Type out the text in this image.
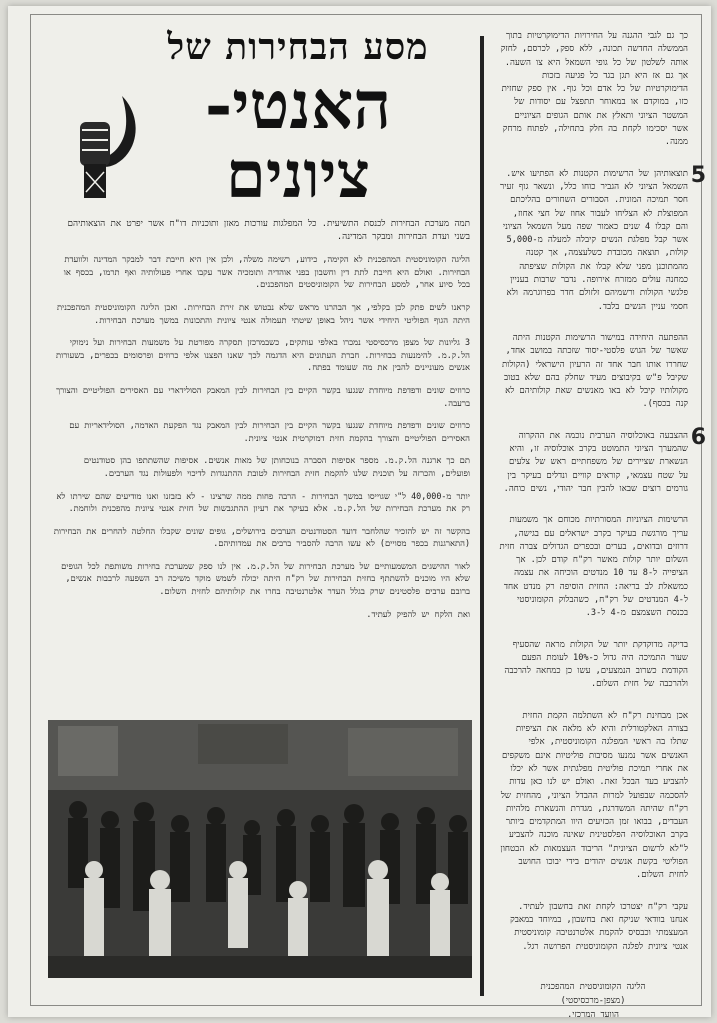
כך גם לגבי ההגנה על החירויות הדימוקרטיות בתוך הממשלה החדשה תכונה, ללא ספק, לכרסם, לחזק אותה לשלטון של כל גופי השמאל היא צו השעה. אך גם אז היא תגן בגד כל פגיעה בזכות הדימוקרטיות של כל אדם וכל גוף. אין ספק שחזית כזו, במוקדם או במאוחר תתפצל עם יסודות של המשטר הציוני ותאלץ את אותם הגופים הציוניים אשר יסכימו לקחת בה חלק בתחילה, לפתוח מרחק ממנה.
5
תוצאותיהן של הרשימות הקטנות לא הפתיעו איש. השמאל הציוני לא הגביר כוחו כלל, ונשאר גוף זעיר חסר תמיכה המונית. הסבורים השחורים בהליכתם המפוצלת לא הצליחו לעבור אחוז של חצי אחוז, והם קבלו 4 שנים כאמור שפה מעל השמאל הציוני אשר קבל מפלגת הנשים קיבלה למעלה מ-5,000 קולות, תוצאה מכובדת כשלעצמה, אך קטנה מהמתוכנן מפני שלא קבלו את הקולות שציפתה כמחנה עולים ממזרח אירופה. נדבר שרבות בעניין פלגשי הקולות ורשמיהם זלזולם חדר בפרוגרמה ולא חסמי עניין הנשים בלבד.
ההפתעה היחידה במישור הרשימות הקטנות היתה שאשר של הגוש פלסטי-יסוד שזכתה במושב אחד, שחררו אותו חבר אחד זה הרעיון הישראלי (הקולות שקיבל פ"ש בקיבוצים מעיד שחלק בהם שלא בטוב מקולותיו קיבל לא באו מאנשים שאת קולותיהם לא קנה בכסף).
6
ההצבעה באוכלוסיה הערבית נוכמה את ההקרוה שהמערך הציוני התמוטט בקרב אוכלוסיה זו, והיא הנשארת שציירים של משפחתיים ראש של צלעים על שטח עצמאי, קוראים קוויים ונדלים בעיקר בין גורמים רוצים שבאו להבין חבר יהודי, נשים כוחה.
הרשימות הציוניות המסורתיות מכוחם אך משמעות עריך מורגשת בעיקר בקרב ישראלים עם בגישה, דרוזים ובדואים, בערים ובכפרים הגדולים צברה חזית השלום יותר קולות מאשר רק"ח קודם לכן. אך הציפייה ל-8 עד 10 מנדטים הוכיחה את עצמה כמשאלת לב בריאה: החזית הוסיפה רק מנדט אחד ל-4 המנדטים של רק"ח, כשהבלוק הקומוניסטי בכנסת השצמצם מ-4 ל-3.
בדיקה מדוקדקת יותר של הקולות מראה שהסעיף שעור התמיכה היה גדול כ-10% לעומת הפעם הקודמת כשרוב הנמצעים, עשו כן כמחאה להרכבה ולהרכבה של חזית השלום.
אכן מבחינת רק"ח לא השתלמה הקמת החזית בצורה האלקטורלית והיא לא מלאה את הציפיות שתלו בה ראשי המפלגה הקומוניסטית, אלפי האנשים אשר נמנעו מסיבות פוליטיות אינם משקפים את אחרי תמיכת פוליטית מפלגתית אשר לא יכלו להצביע בעד הבכל זאת. ואולם יש לנו כאן עדות להסכמה שבפועל למרות ההבדל הציוני, מהחזית של רק"ח שהיתה המשדרגת, מגדרת והנשארת מלהיות העבדים, בבואו זמן הכזיעים היוו המתקדמים ביותר בקרב האוכלוסיה הפלסטינית שאינה מוכנה להצביע ל"לא לרשום הציונית" הריבוד העצמאות לא הבטחון הפוליטי בקשת אנשים יהודים בידי יבוכו החושב לחזית השלום.
עקבי רק"ח יצטרכו לקחת זאת בחשבון לעתיד. אנחנו בוודאי שניקח זאת בחשבון, במיוחד במאבק המעצמתי וכבסיס להקמת אלטרנטיבה קומוניסטית אנטי ציונית לפלגה הקומוניסטית הפרושה רגל.
הליגה הקומוניסטית המהפכנית
(מצפן-מרכסיסטי)
הוועד המרכזי.
מסע הבחירות של
האנטי-
ציונים

תמה מערכת הבחירות לכנסת התשיעית. כל המפלגות עורכות מאזן ותוכניות דו"ח אשר יפרט את הוצאותיהם בשני ועדת הבחירות ומבקר המדינה.

הליגה הקומוניסטית המהפכנית לא הקימה, כידוע, רשימה משלה, ולכן אין היא חייבת דבר למבקר המדינה ולוועדת הבחירות. ואולם היא חייבת לתת דין וחשבון בפני אוהדיה ותומכיה אשר עקבו אחרי פעולותיה ואף תרמו, בכסף או בכל סיוע אחר, למסע הבחירות של הקומוניסטים המהפכנים.

קראנו לשים פתק לבן בקלפי, אך הבהרנו מראש שלא נבטוש את זירת הבחירות. ואכן הליגה הקומוניסטית המהפכנית היתה הגוף הפוליטי היחידי אשר ניהל באופן שיטתי תעמולה אנטי ציונית והתכונות במשך מערכת הבחירות.

3 גליונות של מצפן מרכסיסטי נמכרו באלפי עותקים, כשבמרכזן תסקרה מפורטת על משמעות הבחירות ועל נימוקי הל.ק.מ. להימנעות בבחירות. חברת העתונים היא הדגמה לכך שאנו הפצנו אלפי כרוזים ופרסומים בכפרים, בשעורות אנשים מעוניינים להבין את מה שעומד בפתח.

כרוזים שונים ודפדפת מיוחדת שנגעו בקשר הקיים בין הבחירות לבין המאבק הסולידארי עם האסירים הפוליטיים והצורך ברעבה.

כרוזים שונים ודפדפת מיוחדת שנגעו בקשר הקיים בין הבחירות לבין המאבק נגד הפקעת האדמה, הסולידאריות עם האסירים הפוליטיים והצורך בהקמת חזית דמוקרטית אנטי ציונית.

תם כך ארגנה הל.ק.מ. מספר אסיפות הסברה בנוכחותן של מאות אנשים. אסיפות שהשתתפו בהן סטודנטים ופועלים, והכרזה על תוכנית שלנו להקמת חזית הבחירות לטובת ההתנגדות לדיכוי ולפעולות נגד הערבים.

יותר מ-40,000 ל"י שגוייסו במשך הבחירות - הרבה פחות ממה שרצינו - לא בזבזנו ואנו מודיעים שהם שירתו לא רק את מערכת הבחירות של הל.ק.מ. אלא בעיקר את רעיון ההתגבשות של חזית אנטי ציונית מהפכנית ולוחמת.

בהקשר זה יש להזכיר שהלחבר דועד הסטודנטים הערבים בירושלים, גופים שונים שקבלו החלטה להחרים את הבחירות (התארגנות בכפר מסויים) לא עשו הרבה להסביר ברבים את עמדותיהם.

לאור ההישגים המשמעותיים של מערכת הבחירות של הל.ק.מ. אין לנו ספק שמערכת בחירות משותפת לכל הגופים שלא היו מוכנים להשתתף בחזית הבחירות של רק"ח היתה יכולה לשמש מוקד משיכה רב השפעה לרבבות אנשים, ברובם ערבים פלסטינים שרק בגלל העדר אלטרנטיבה בחרו את קולותיהם לחזית השלום.

ואת הלקח יש להפיק לעתיד.
